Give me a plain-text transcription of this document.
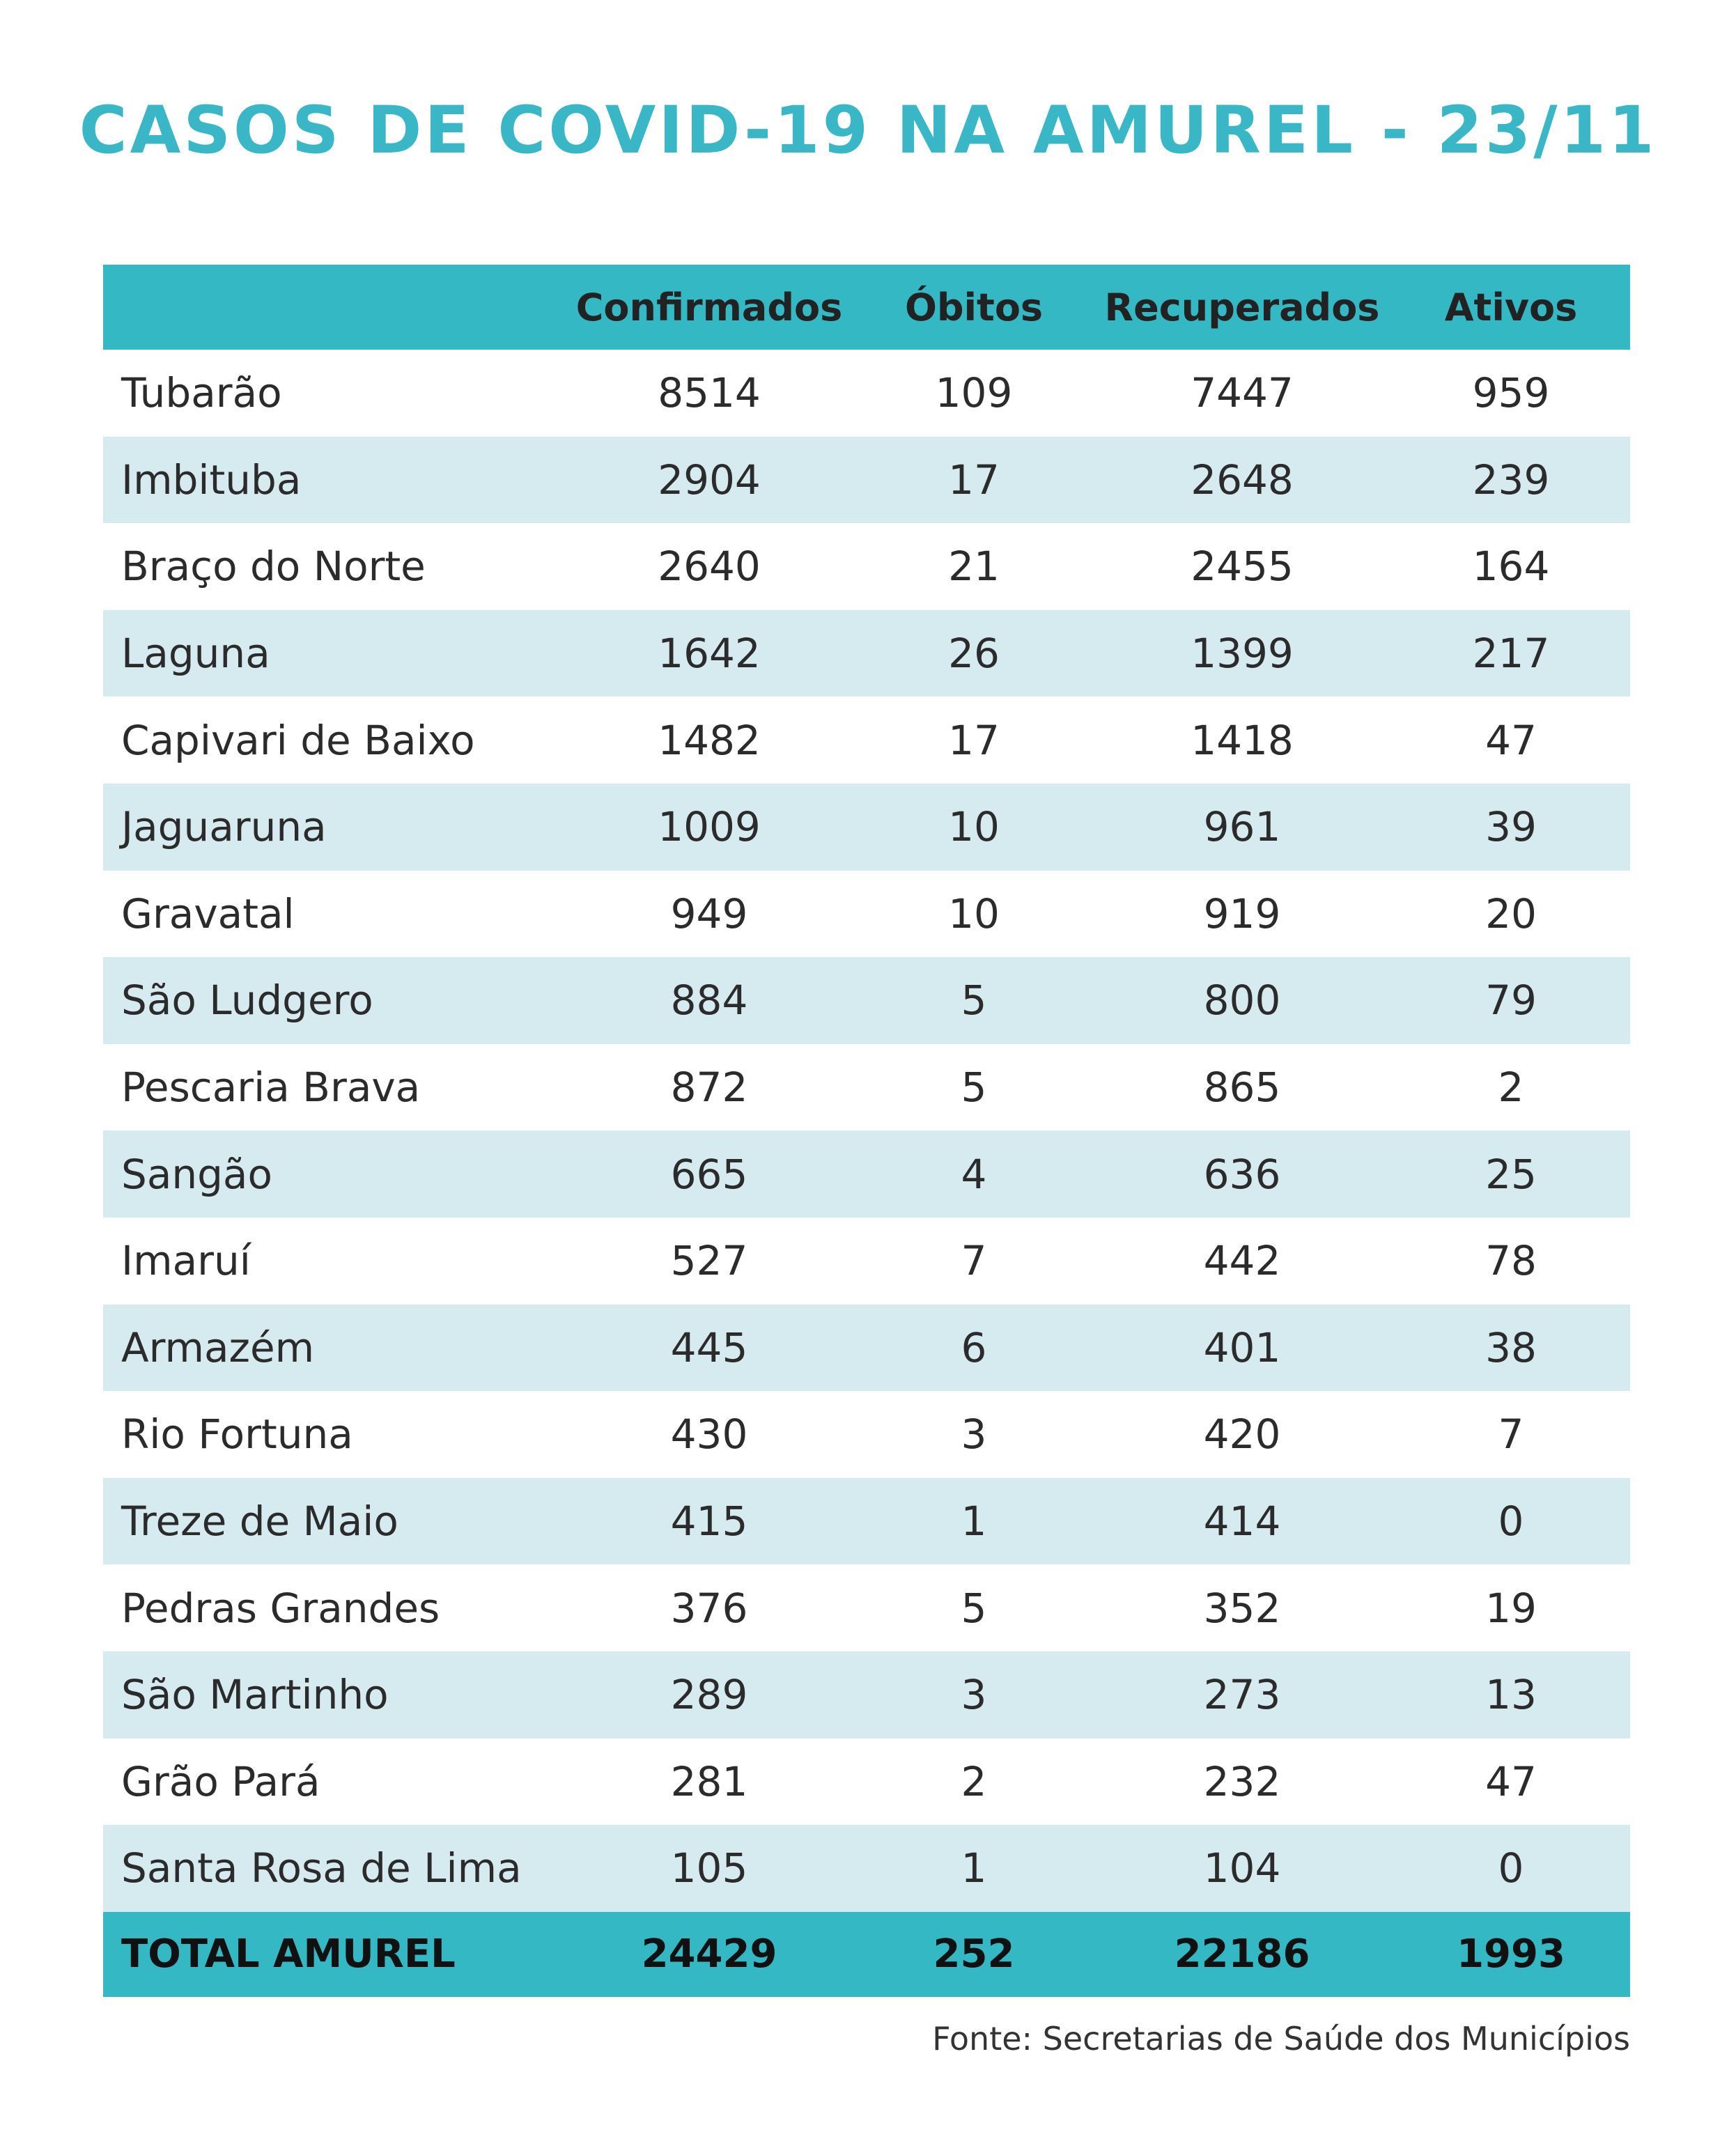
CASOS DE COVID-19 NA AMUREL - 23/11
	Confirmados	Óbitos	Recuperados	Ativos
Tubarão	8514	109	7447	959
Imbituba	2904	17	2648	239
Braço do Norte	2640	21	2455	164
Laguna	1642	26	1399	217
Capivari de Baixo	1482	17	1418	47
Jaguaruna	1009	10	961	39
Gravatal	949	10	919	20
São Ludgero	884	5	800	79
Pescaria Brava	872	5	865	2
Sangão	665	4	636	25
Imaruí	527	7	442	78
Armazém	445	6	401	38
Rio Fortuna	430	3	420	7
Treze de Maio	415	1	414	0
Pedras Grandes	376	5	352	19
São Martinho	289	3	273	13
Grão Pará	281	2	232	47
Santa Rosa de Lima	105	1	104	0
TOTAL AMUREL	24429	252	22186	1993
Fonte: Secretarias de Saúde dos Municípios
